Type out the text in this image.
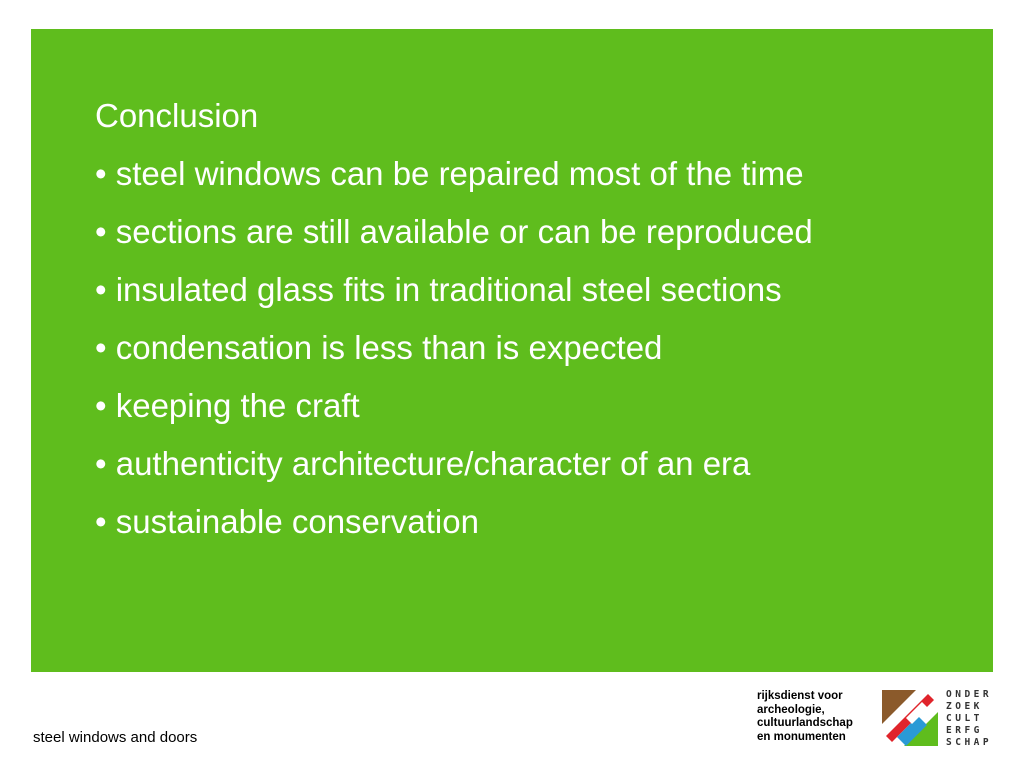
Conclusion
• steel windows can be repaired most of the time
• sections are still available or can be reproduced
• insulated glass fits in traditional steel sections
• condensation is less than is expected
• keeping the craft
• authenticity architecture/character of an era
• sustainable conservation
steel windows and doors
rijksdienst voor
archeologie,
cultuurlandschap
en monumenten
ONDER
ZOEK
CULT
ERFG
SCHAP
